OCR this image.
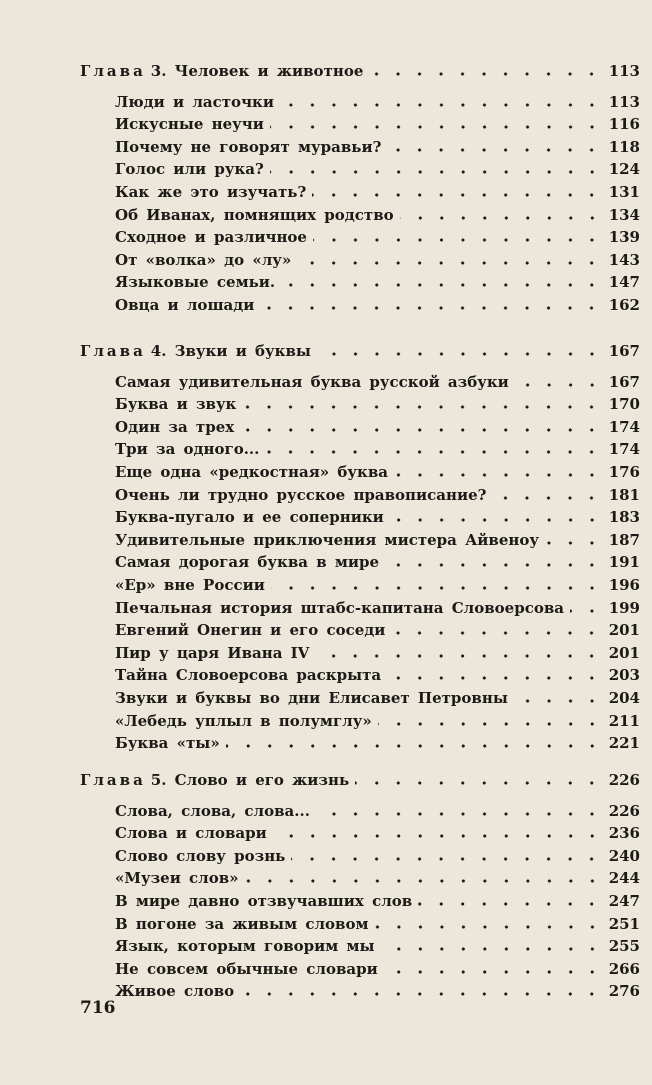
Глава 3. Человек и животное	113
Люди и ласточки	113
Искусные неучи	116
Почему не говорят муравьи?	118
Голос или рука?	124
Как же это изучать?	131
Об Иванах, помнящих родство	134
Сходное и различное	139
От «волка» до «лу»	143
Языковые семьи.	147
Овца и лошади	162
Глава 4. Звуки и буквы	167
Самая удивительная буква русской азбуки	167
Буква и звук	170
Один за трех	174
Три за одного...	174
Еще одна «редкостная» буква	176
Очень ли трудно русское правописание?	181
Буква-пугало и ее соперники	183
Удивительные приключения мистера Айвеноу	187
Самая дорогая буква в мире	191
«Ер» вне России	196
Печальная история штабс-капитана Словоерсова	199
Евгений Онегин и его соседи	201
Пир у царя Ивана IV	201
Тайна Словоерсова раскрыта	203
Звуки и буквы во дни Елисавет Петровны	204
«Лебедь уплыл в полумглу»	211
Буква «ты»	221
Глава 5. Слово и его жизнь	226
Слова, слова, слова...	226
Слова и словари	236
Слово слову рознь	240
«Музеи слов»	244
В мире давно отзвучавших слов	247
В погоне за живым словом	251
Язык, которым говорим мы	255
Не совсем обычные словари	266
Живое слово	276
716
